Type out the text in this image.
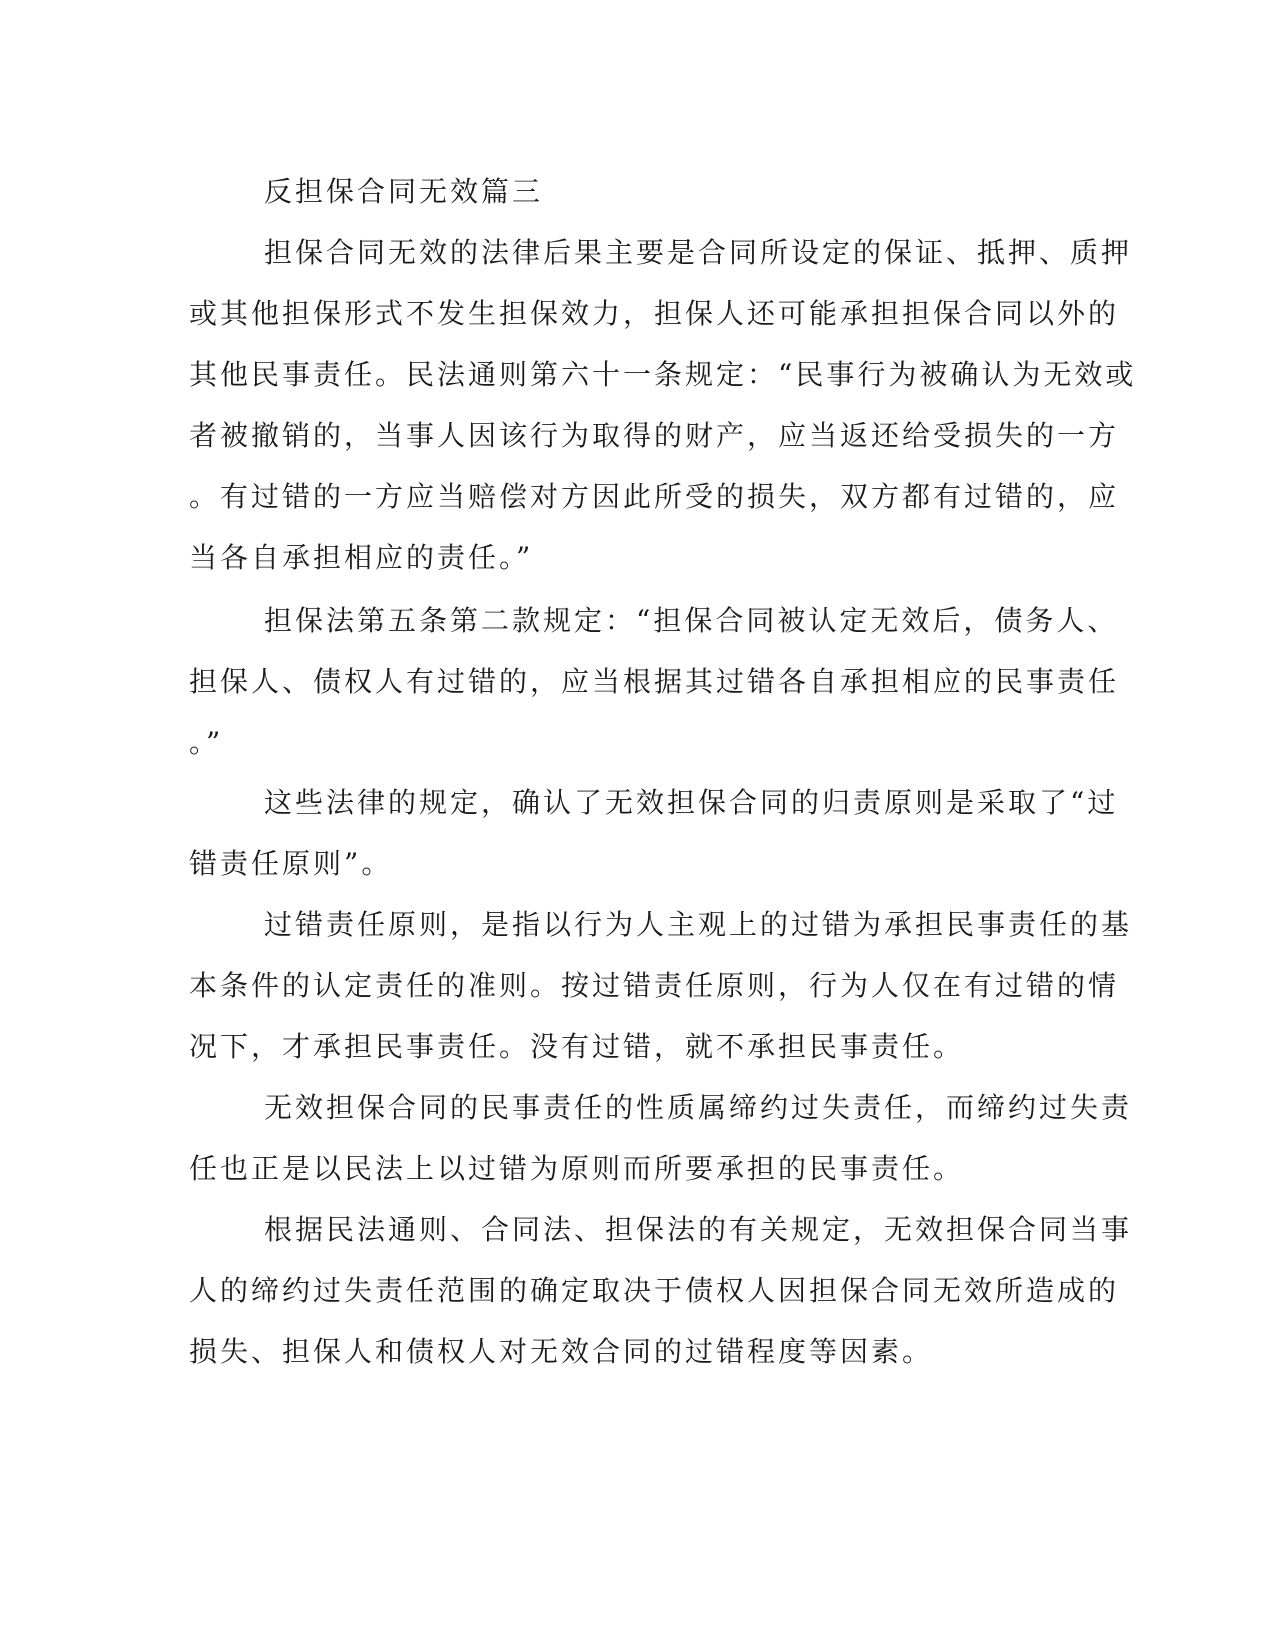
反担保合同无效篇三
担保合同无效的法律后果主要是合同所设定的保证、抵押、质押
或其他担保形式不发生担保效力，担保人还可能承担担保合同以外的
其他民事责任。民法通则第六十一条规定：“民事行为被确认为无效或
者被撤销的，当事人因该行为取得的财产，应当返还给受损失的一方
。有过错的一方应当赔偿对方因此所受的损失，双方都有过错的，应
当各自承担相应的责任。”
担保法第五条第二款规定：“担保合同被认定无效后，债务人、
担保人、债权人有过错的，应当根据其过错各自承担相应的民事责任
。”
这些法律的规定，确认了无效担保合同的归责原则是采取了“过
错责任原则”。
过错责任原则，是指以行为人主观上的过错为承担民事责任的基
本条件的认定责任的准则。按过错责任原则，行为人仅在有过错的情
况下，才承担民事责任。没有过错，就不承担民事责任。
无效担保合同的民事责任的性质属缔约过失责任，而缔约过失责
任也正是以民法上以过错为原则而所要承担的民事责任。
根据民法通则、合同法、担保法的有关规定，无效担保合同当事
人的缔约过失责任范围的确定取决于债权人因担保合同无效所造成的
损失、担保人和债权人对无效合同的过错程度等因素。
